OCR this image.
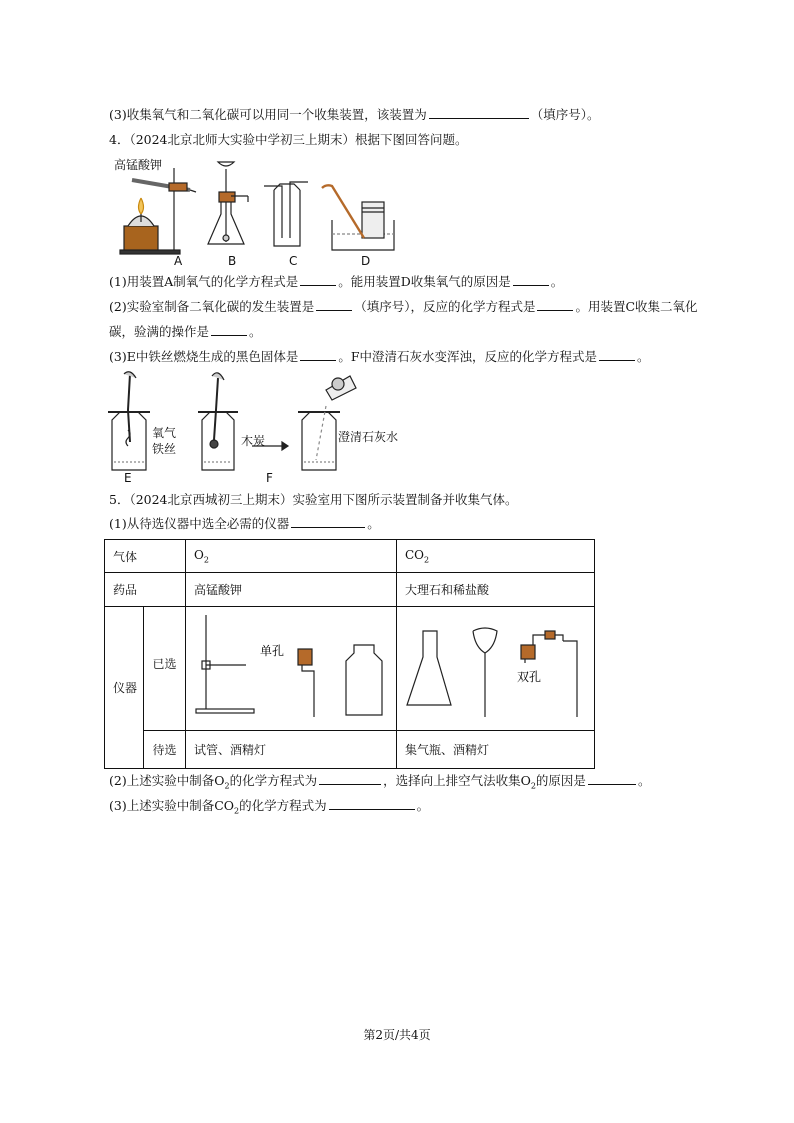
(3)收集氧气和二氧化碳可以用同一个收集装置，该装置为	（填序号）。
4．（2024北京北师大实验中学初三上期末）根据下图回答问题。
高锰酸钾
A	B	C	D
(1)用装置A制氧气的化学方程式是	。能用装置D收集氧气的原因是	。
(2)实验室制备二氧化碳的发生装置是	（填序号），反应的化学方程式是	。用装置C收集二氧化
碳，验满的操作是	。
(3)E中铁丝燃烧生成的黑色固体是	。F中澄清石灰水变浑浊，反应的化学方程式是	。
氧气
铁丝
木炭	澄清石灰水
E	F
5．（2024北京西城初三上期末）实验室用下图所示装置制备并收集气体。
(1)从待选仪器中选全必需的仪器	。
气体		$O_2$	$CO_2$
药品		高锰酸钾	大理石和稀盐酸
仪器	已选	单孔	双孔

	待选	试管、酒精灯	集气瓶、酒精灯
(2)上述实验中制备$O_2$的化学方程式为	，选择向上排空气法收集$O_2$的原因是	。
(3)上述实验中制备$CO_2$的化学方程式为	。
第2页/共4页
